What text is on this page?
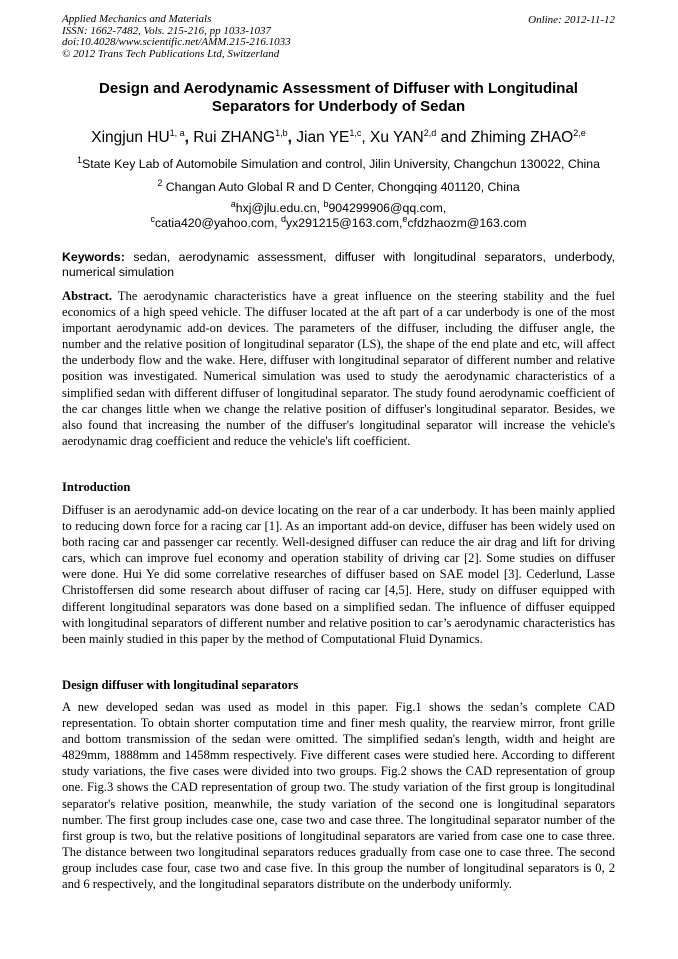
Applied Mechanics and Materials
ISSN: 1662-7482, Vols. 215-216, pp 1033-1037
doi:10.4028/www.scientific.net/AMM.215-216.1033
© 2012 Trans Tech Publications Ltd, Switzerland
Online: 2012-11-12
Design and Aerodynamic Assessment of Diffuser with Longitudinal Separators for Underbody of Sedan
Xingjun HU$^{1, a}$, Rui ZHANG$^{1,b}$, Jian YE$^{1,c}$, Xu YAN$^{2,d}$ and Zhiming ZHAO$^{2,e}$
$^1$State Key Lab of Automobile Simulation and control, Jilin University, Changchun 130022, China
$^2$ Changan Auto Global R and D Center, Chongqing 401120, China
$^a$hxj@jlu.edu.cn, $^b$904299906@qq.com,
$^c$catia420@yahoo.com, $^d$yx291215@163.com,$^e$cfdzhaozm@163.com
Keywords: sedan, aerodynamic assessment, diffuser with longitudinal separators, underbody, numerical simulation
Abstract. The aerodynamic characteristics have a great influence on the steering stability and the fuel economics of a high speed vehicle. The diffuser located at the aft part of a car underbody is one of the most important aerodynamic add-on devices. The parameters of the diffuser, including the diffuser angle, the number and the relative position of longitudinal separator (LS), the shape of the end plate and etc, will affect the underbody flow and the wake. Here, diffuser with longitudinal separator of different number and relative position was investigated. Numerical simulation was used to study the aerodynamic characteristics of a simplified sedan with different diffuser of longitudinal separator. The study found aerodynamic coefficient of the car changes little when we change the relative position of diffuser's longitudinal separator. Besides, we also found that increasing the number of the diffuser's longitudinal separator will increase the vehicle's aerodynamic drag coefficient and reduce the vehicle's lift coefficient.
Introduction
Diffuser is an aerodynamic add-on device locating on the rear of a car underbody. It has been mainly applied to reducing down force for a racing car [1]. As an important add-on device, diffuser has been widely used on both racing car and passenger car recently. Well-designed diffuser can reduce the air drag and lift for driving cars, which can improve fuel economy and operation stability of driving car [2]. Some studies on diffuser were done. Hui Ye did some correlative researches of diffuser based on SAE model [3]. Cederlund, Lasse Christoffersen did some research about diffuser of racing car [4,5]. Here, study on diffuser equipped with different longitudinal separators was done based on a simplified sedan. The influence of diffuser equipped with longitudinal separators of different number and relative position to car’s aerodynamic characteristics has been mainly studied in this paper by the method of Computational Fluid Dynamics.
Design diffuser with longitudinal separators
A new developed sedan was used as model in this paper. Fig.1 shows the sedan’s complete CAD representation. To obtain shorter computation time and finer mesh quality, the rearview mirror, front grille and bottom transmission of the sedan were omitted. The simplified sedan's length, width and height are 4829mm, 1888mm and 1458mm respectively. Five different cases were studied here. According to different study variations, the five cases were divided into two groups. Fig.2 shows the CAD representation of group one. Fig.3 shows the CAD representation of group two. The study variation of the first group is longitudinal separator's relative position, meanwhile, the study variation of the second one is longitudinal separators number. The first group includes case one, case two and case three. The longitudinal separator number of the first group is two, but the relative positions of longitudinal separators are varied from case one to case three. The distance between two longitudinal separators reduces gradually from case one to case three. The second group includes case four, case two and case five. In this group the number of longitudinal separators is 0, 2 and 6 respectively, and the longitudinal separators distribute on the underbody uniformly.
